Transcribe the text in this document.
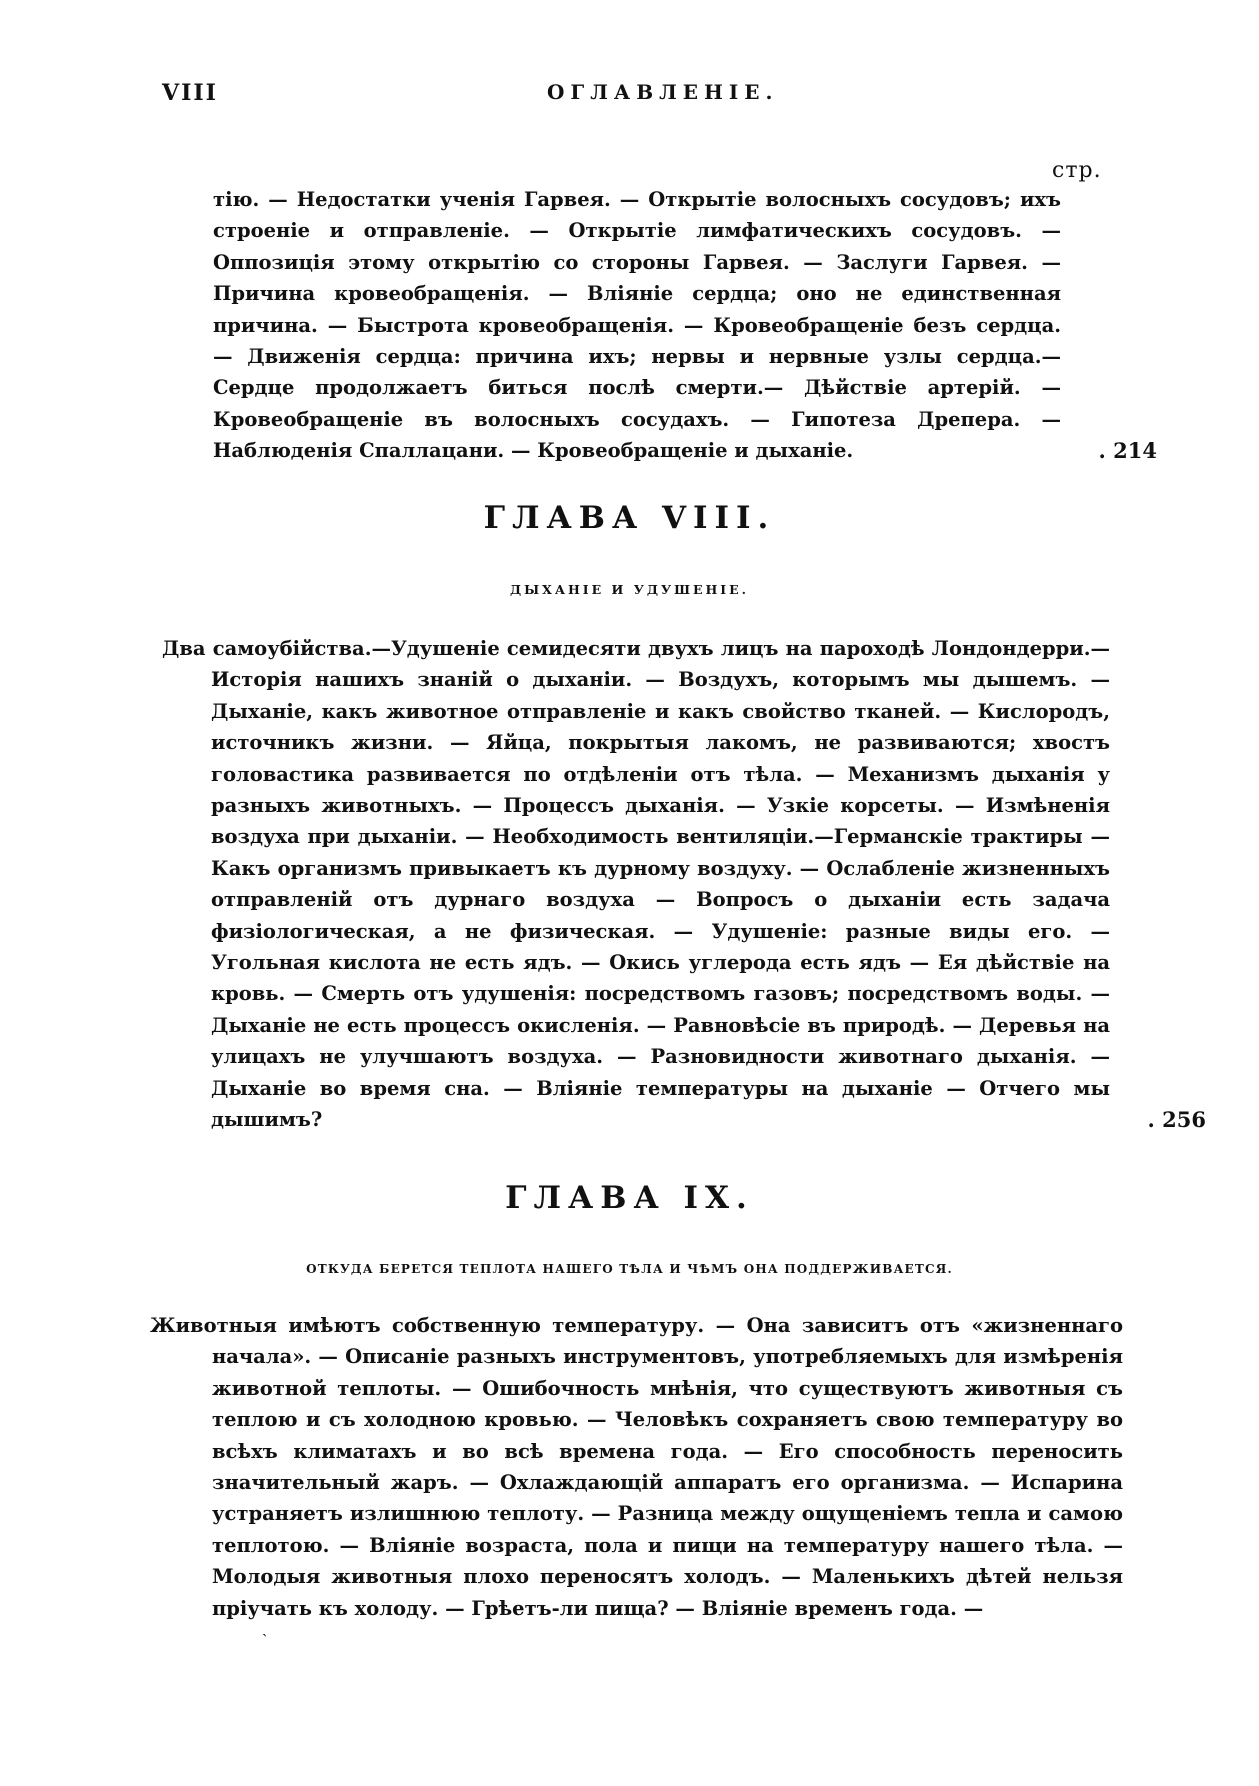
VIII	ОГЛАВЛЕНІЕ.
стр.

тію. — Недостатки ученія Гарвея. — Открытіе волосныхъ сосудовъ; ихъ строеніе и отправленіе. — Открытіе лимфатическихъ сосудовъ. — Оппозиція этому открытію со стороны Гарвея. — Заслуги Гарвея. — Причина кровеобращенія. — Вліяніе сердца; оно не единственная причина. — Быстрота кровеобращенія. — Кровеобращеніе безъ сердца. — Движенія сердца: причина ихъ; нервы и нервные узлы сердца.—Сердце продолжаетъ биться послѣ смерти.— Дѣйствіе артерій. — Кровеобращеніе въ волосныхъ сосудахъ. — Гипотеза Дрепера. — Наблюденія Спаллацани. — Кровеобращеніе и дыханіе.	. 214

ГЛАВА VIII.
ДЫХАНІЕ И УДУШЕНІЕ.

Два самоубійства.—Удушеніе семидесяти двухъ лицъ на пароходѣ Лондондерри.— Исторія нашихъ знаній о дыханіи. — Воздухъ, которымъ мы дышемъ. — Дыханіе, какъ животное отправленіе и какъ свойство тканей. — Кислородъ, источникъ жизни. — Яйца, покрытыя лакомъ, не развиваются; хвостъ головастика развивается по отдѣленіи отъ тѣла. — Механизмъ дыханія у разныхъ животныхъ. — Процессъ дыханія. — Узкіе корсеты. — Измѣненія воздуха при дыханіи. — Необходимость вентиляціи.—Германскіе трактиры — Какъ организмъ привыкаетъ къ дурному воздуху. — Ослабленіе жизненныхъ отправленій отъ дурнаго воздуха — Вопросъ о дыханіи есть задача физіологическая, а не физическая. — Удушеніе: разные виды его. — Угольная кислота не есть ядъ. — Окись углерода есть ядъ — Ея дѣйствіе на кровь. — Смерть отъ удушенія: посредствомъ газовъ; посредствомъ воды. — Дыханіе не есть процессъ окисленія. — Равновѣсіе въ природѣ. — Деревья на улицахъ не улучшаютъ воздуха. — Разновидности животнаго дыханія. — Дыханіе во время сна. — Вліяніе температуры на дыханіе — Отчего мы дышимъ?	. 256

ГЛАВА IX.
ОТКУДА БЕРЕТСЯ ТЕПЛОТА НАШЕГО ТѢЛА И ЧѢМЪ ОНА ПОДДЕРЖИВАЕТСЯ.

Животныя имѣютъ собственную температуру. — Она зависитъ отъ «жизненнаго начала». — Описаніе разныхъ инструментовъ, употребляемыхъ для измѣренія животной теплоты. — Ошибочность мнѣнія, что существуютъ животныя съ теплою и съ холодною кровью. — Человѣкъ сохраняетъ свою температуру во всѣхъ климатахъ и во всѣ времена года. — Его способность переносить значительный жаръ. — Охлаждающій аппаратъ его организма. — Испарина устраняетъ излишнюю теплоту. — Разница между ощущеніемъ тепла и самою теплотою. — Вліяніе возраста, пола и пищи на температуру нашего тѣла. — Молодыя животныя плохо переносятъ холодъ. — Маленькихъ дѣтей нельзя пріучать къ холоду. — Грѣетъ-ли пища? — Вліяніе временъ года. —

ˏ
